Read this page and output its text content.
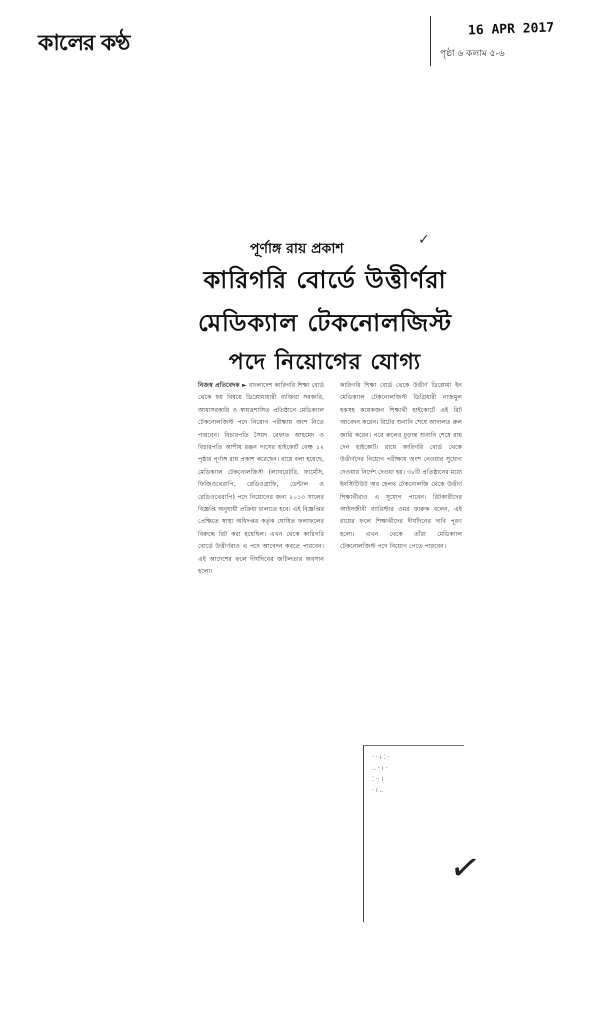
কালের কণ্ঠ
16 APR 2017
পৃষ্ঠা ৬ কলাম ৫-৬
পূর্ণাঙ্গ রায় প্রকাশ
✓
কারিগরি বোর্ডে উত্তীর্ণরা
মেডিক্যাল টেকনোলজিস্ট
পদে নিয়োগের যোগ্য
নিজস্ব প্রতিবেদক ► বাংলাদেশ কারিগরি শিক্ষা বোর্ড থেকে ছয় বিষয়ে ডিপ্লোমাধারী ব্যক্তিরা সরকারি, আধাসরকারি ও স্বায়ত্তশাসিত প্রতিষ্ঠানে মেডিক্যাল টেকনোলজিস্ট পদে নিয়োগ পরীক্ষায় অংশ নিতে পারবেন। বিচারপতি সৈয়দ রেফাত আহমেদ ও বিচারপতি আশীষ রঞ্জন দাসের হাইকোর্ট বেঞ্চ ১২ পৃষ্ঠার পূর্ণাঙ্গ রায় প্রকাশ করেছেন। রায়ে বলা হয়েছে, মেডিক্যাল টেকনোলজিস্ট (ল্যাবরেটরি, ফার্মেসি, ফিজিওথেরাপি, রেডিওগ্রাফি, ডেন্টাল ও রেডিওথেরাপি) পদে নিয়োগের জন্য ২০১৩ সালের বিজ্ঞপ্তি অনুযায়ী প্রক্রিয়া চালাতে হবে। এই বিজ্ঞপ্তির প্রেক্ষিতে স্বাস্থ্য অধিদপ্তর কর্তৃক ঘোষিত ফলাফলের বিরুদ্ধে রিট করা হয়েছিল। এখন থেকে কারিগরি বোর্ডে উত্তীর্ণরাও এ পদে আবেদন করতে পারবেন। এই আদেশের ফলে দীর্ঘদিনের জটিলতার অবসান হলো।
কারিগরি শিক্ষা বোর্ড থেকে উত্তীর্ণ ডিপ্লোমা ইন মেডিক্যাল টেকনোলজিস্ট ডিগ্রিধারী নাজমুল হকসহ কয়েকজন শিক্ষার্থী হাইকোর্টে এই রিট আবেদন করেন। রিটের শুনানি শেষে আদালত রুল জারি করেন। পরে রুলের চূড়ান্ত শুনানি শেষে রায় দেন হাইকোর্ট। রায়ে কারিগরি বোর্ড থেকে উত্তীর্ণদের নিয়োগ পরীক্ষায় অংশ নেওয়ার সুযোগ দেওয়ার নির্দেশ দেওয়া হয়। ৩৮টি প্রতিষ্ঠানের মধ্যে ইনস্টিটিউট অব হেলথ টেকনোলজি থেকে উত্তীর্ণ শিক্ষার্থীরাও এ সুযোগ পাবেন। রিটকারীদের আইনজীবী ব্যারিস্টার ওমর ফারুক বলেন, এই রায়ের ফলে শিক্ষার্থীদের দীর্ঘদিনের দাবি পূরণ হলো। এখন থেকে তাঁরা মেডিক্যাল টেকনোলজিস্ট পদে নিয়োগ পেতে পারবেন।
· · ⁞ ⁚ ·
‥ · ⁞ ·
⁚ ·· ⁞
· ⁞ ‥
✓
